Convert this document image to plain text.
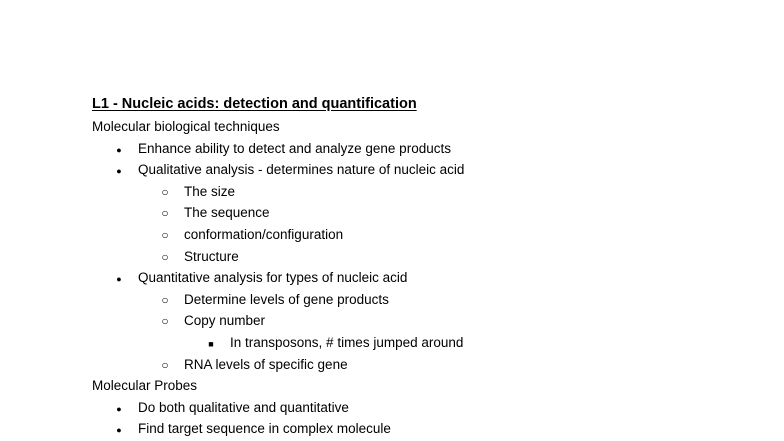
L1 - Nucleic acids: detection and quantification
Molecular biological techniques
●
Enhance ability to detect and analyze gene products
●
Qualitative analysis - determines nature of nucleic acid
○
The size
○
The sequence
○
conformation/configuration
○
Structure
●
Quantitative analysis for types of nucleic acid
○
Determine levels of gene products
○
Copy number
■
In transposons, # times jumped around
○
RNA levels of specific gene
Molecular Probes
●
Do both qualitative and quantitative
●
Find target sequence in complex molecule
